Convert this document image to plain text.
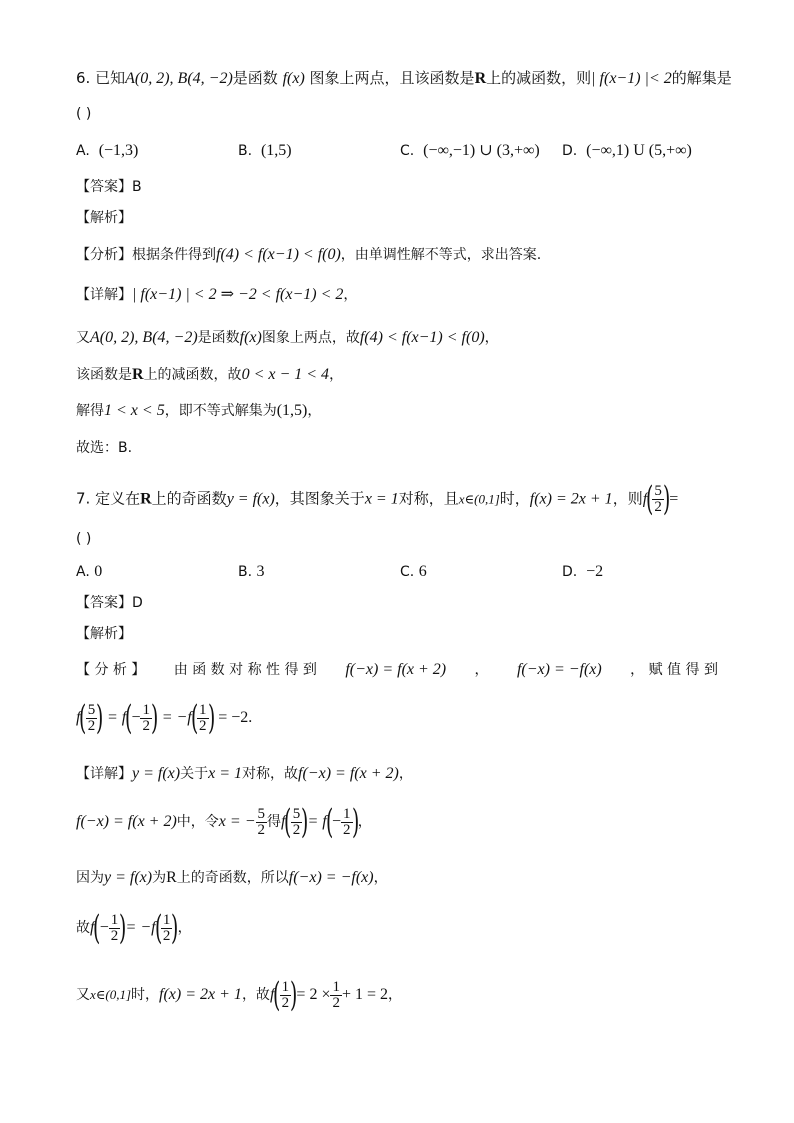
6. 已知A(0, 2), B(4, −2)是函数 f(x) 图象上两点，且该函数是R上的减函数，则| f(x−1) |< 2的解集是
( )
A. (−1,3)	B. (1,5)	C. (−∞,−1) ∪ (3,+∞) D. (−∞,1) U (5,+∞)
【答案】B
【解析】
【分析】根据条件得到f(4) < f(x−1) < f(0)，由单调性解不等式，求出答案.
【详解】| f(x−1) | < 2 ⇒ −2 < f(x−1) < 2，
又A(0, 2), B(4, −2)是函数f(x)图象上两点，故f(4) < f(x−1) < f(0)，
该函数是R上的减函数，故0 < x − 1 < 4，
解得1 < x < 5，即不等式解集为(1,5)，
故选：B.
7. 定义在R上的奇函数y = f(x)，其图象关于x = 1对称，且x∈(0,1]时，f(x) = 2x + 1，则f(
$\frac{5}{2}$
)=
( )
A. 0	B. 3	C. 6	D. −2
【答案】D
【解析】
【 分 析 】 由 函 数 对 称 性 得 到 f(−x) = f(x + 2) ， f(−x) = −f(x) ， 赋 值 得 到
f(
$\frac{5}{2}$
) = $f(- \frac{1}{2}$
) = −f(
$\frac{1}{2}$
) = −2.
【详解】y = f(x)关于x = 1对称，故f(−x) = f(x + 2)，
f(−x) = f(x + 2)中，令x = − $\frac{5}{2}$ 得f(
$\frac{5}{2}$
)= $f(- \frac{1}{2}$
)，
因为y = f(x)为R上的奇函数，所以f(−x) = −f(x)，
故$f(- \frac{1}{2}$
)= −f(
$\frac{1}{2}$
)，
又x∈(0,1]时，f(x) = 2x + 1，故f(
$\frac{1}{2}$
)= $2 \times \frac{1}{2} + 1 = 2$，
